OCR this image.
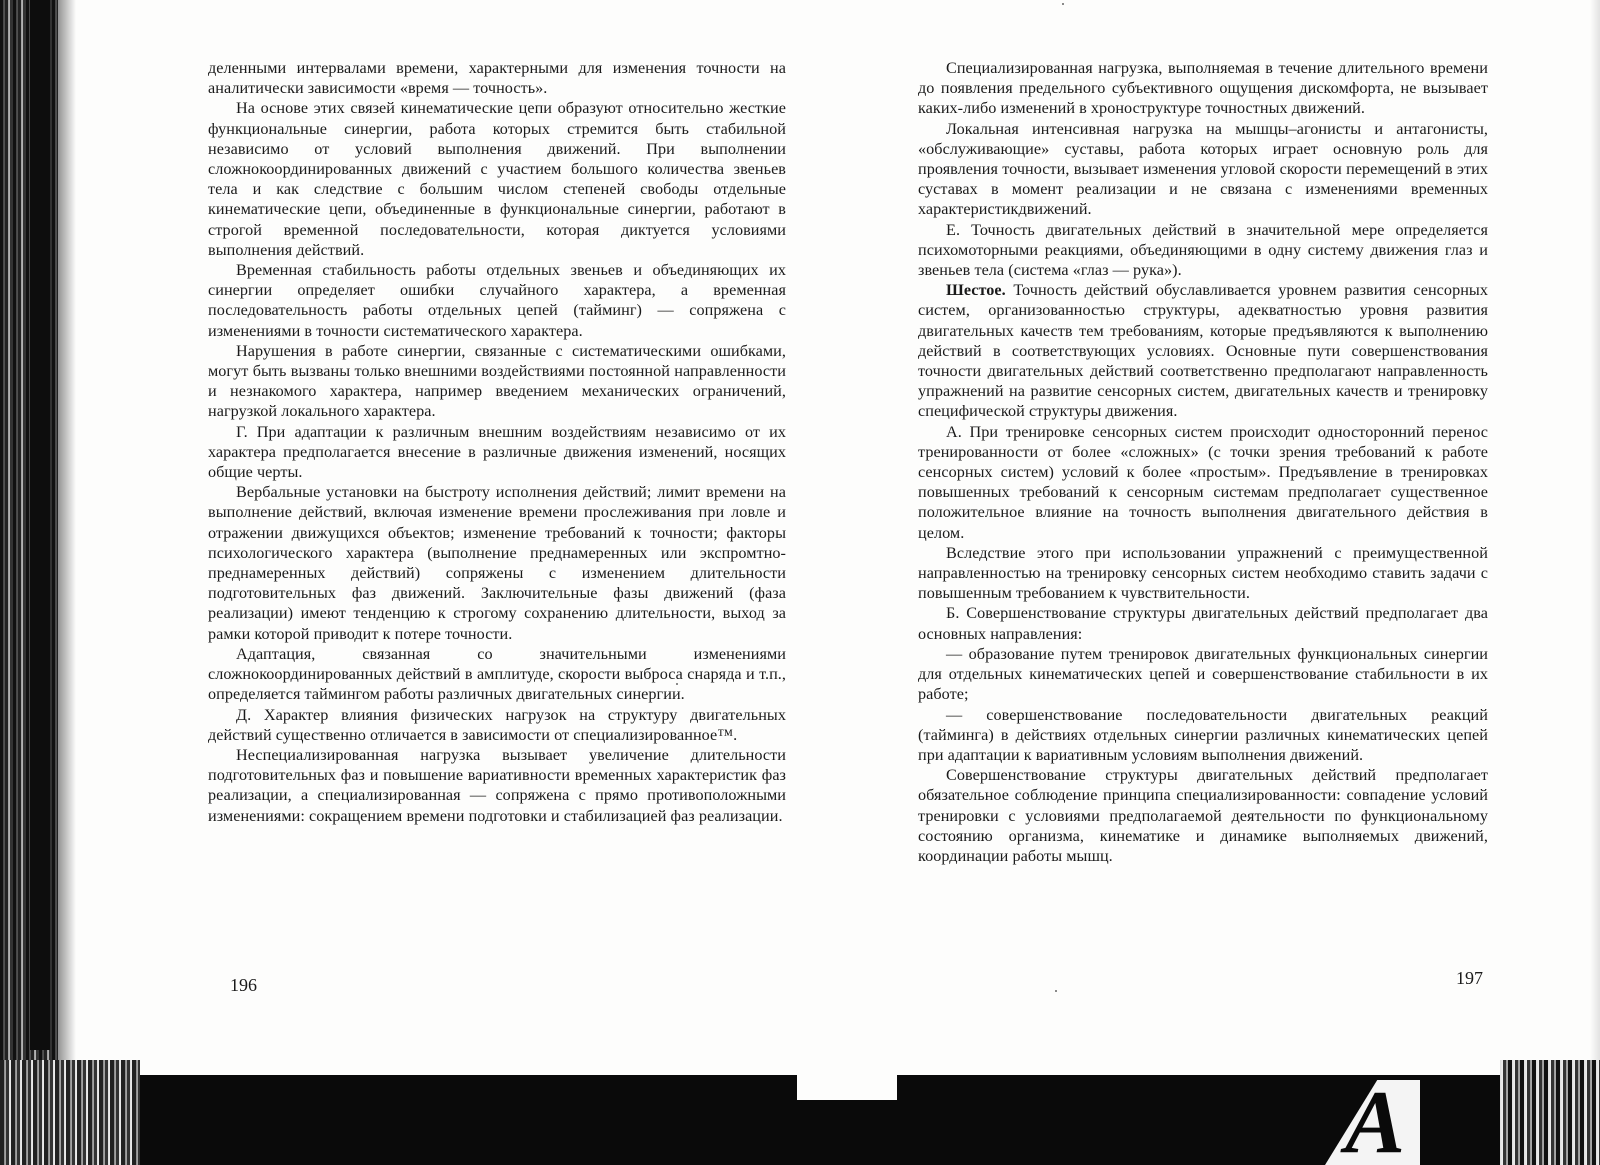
деленными интервалами времени, характерными для изменения точности на аналитически зависимости «время — точность».

На основе этих связей кинематические цепи образуют относительно жесткие функциональные синергии, работа которых стремится быть стабильной независимо от условий выполнения движений. При выполнении сложнокоординированных движений с участием большого количества звеньев тела и как следствие с большим числом степеней свободы отдельные кинематические цепи, объединенные в функциональные синергии, работают в строгой временной последовательности, которая диктуется условиями выполнения действий.

Временная стабильность работы отдельных звеньев и объединяющих их синергии определяет ошибки случайного характера, а временная последовательность работы отдельных цепей (тайминг) — сопряжена с изменениями в точности систематического характера.

Нарушения в работе синергии, связанные с систематическими ошибками, могут быть вызваны только внешними воздействиями постоянной направленности и незнакомого характера, например введением механических ограничений, нагрузкой локального характера.

Г. При адаптации к различным внешним воздействиям независимо от их характера предполагается внесение в различные движения изменений, носящих общие черты.

Вербальные установки на быстроту исполнения действий; лимит времени на выполнение действий, включая изменение времени прослеживания при ловле и отражении движущихся объектов; изменение требований к точности; факторы психологического характера (выполнение преднамеренных или экспромтно-преднамеренных действий) сопряжены с изменением длительности подготовительных фаз движений. Заключительные фазы движений (фаза реализации) имеют тенденцию к строгому сохранению длительности, выход за рамки которой приводит к потере точности.

Адаптация, связанная со значительными изменениями сложнокоординированных действий в амплитуде, скорости выброса снаряда и т.п., определяется таймингом работы различных двигательных синергии.

Д. Характер влияния физических нагрузок на структуру двигательных действий существенно отличается в зависимости от специализированное™.

Неспециализированная нагрузка вызывает увеличение длительности подготовительных фаз и повышение вариативности временных характеристик фаз реализации, а специализированная — сопряжена с прямо противоположными изменениями: сокращением времени подготовки и стабилизацией фаз реализации.

Специализированная нагрузка, выполняемая в течение длительного времени до появления предельного субъективного ощущения дискомфорта, не вызывает каких-либо изменений в хроноструктуре точностных движений.

Локальная интенсивная нагрузка на мышцы–агонисты и антагонисты, «обслуживающие» суставы, работа которых играет основную роль для проявления точности, вызывает изменения угловой скорости перемещений в этих суставах в момент реализации и не связана с изменениями временных характеристикдвижений.

Е. Точность двигательных действий в значительной мере определяется психомоторными реакциями, объединяющими в одну систему движения глаз и звеньев тела (система «глаз — рука»).

Шестое. Точность действий обуславливается уровнем развития сенсорных систем, организованностью структуры, адекватностью уровня развития двигательных качеств тем требованиям, которые предъявляются к выполнению действий в соответствующих условиях. Основные пути совершенствования точности двигательных действий соответственно предполагают направленность упражнений на развитие сенсорных систем, двигательных качеств и тренировку специфической структуры движения.

А. При тренировке сенсорных систем происходит односторонний перенос тренированности от более «сложных» (с точки зрения требований к работе сенсорных систем) условий к более «простым». Предъявление в тренировках повышенных требований к сенсорным системам предполагает существенное положительное влияние на точность выполнения двигательного действия в целом.

Вследствие этого при использовании упражнений с преимущественной направленностью на тренировку сенсорных систем необходимо ставить задачи с повышенным требованием к чувствительности.

Б. Совершенствование структуры двигательных действий предполагает два основных направления:

— образование путем тренировок двигательных функциональных синергии для отдельных кинематических цепей и совершенствование стабильности в их работе;

— совершенствование последовательности двигательных реакций (тайминга) в действиях отдельных синергии различных кинематических цепей при адаптации к вариативным условиям выполнения движений.

Совершенствование структуры двигательных действий предполагает обязательное соблюдение принципа специализированности: совпадение условий тренировки с условиями предполагаемой деятельности по функциональному состоянию организма, кинематике и динамике выполняемых движений, координации работы мышц.

196	197
A
